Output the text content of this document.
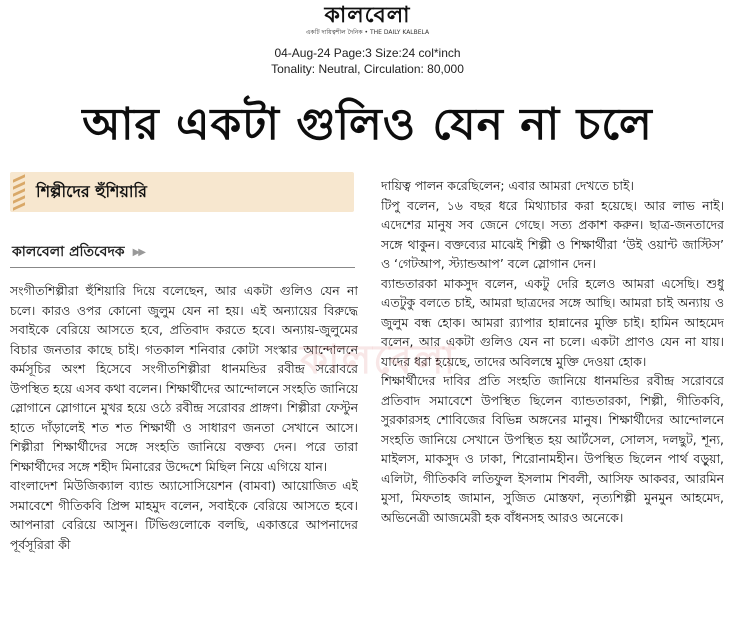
কালবেলা
একটি দায়িত্বশীল দৈনিক • THE DAILY KALBELA
04-Aug-24 Page:3 Size:24 col*inch
Tonality: Neutral, Circulation: 80,000
আর একটা গুলিও যেন না চলে
শিল্পীদের হুঁশিয়ারি
কালবেলা প্রতিবেদক ▶▶

সংগীতশিল্পীরা হুঁশিয়ারি দিয়ে বলেছেন, আর একটা গুলিও যেন না চলে। কারও ওপর কোনো জুলুম যেন না হয়। এই অন্যায়ের বিরুদ্ধে সবাইকে বেরিয়ে আসতে হবে, প্রতিবাদ করতে হবে। অন্যায়-জুলুমের বিচার জনতার কাছে চাই। গতকাল শনিবার কোটা সংস্কার আন্দোলনে কর্মসূচির অংশ হিসেবে সংগীতশিল্পীরা ধানমন্ডির রবীন্দ্র সরোবরে উপস্থিত হয়ে এসব কথা বলেন। শিক্ষার্থীদের আন্দোলনে সংহতি জানিয়ে স্লোগানে স্লোগানে মুখর হয়ে ওঠে রবীন্দ্র সরোবর প্রাঙ্গণ। শিল্পীরা ফেস্টুন হাতে দাঁড়ালেই শত শত শিক্ষার্থী ও সাধারণ জনতা সেখানে আসে। শিল্পীরা শিক্ষার্থীদের সঙ্গে সংহতি জানিয়ে বক্তব্য দেন। পরে তারা শিক্ষার্থীদের সঙ্গে শহীদ মিনারের উদ্দেশে মিছিল নিয়ে এগিয়ে যান।

বাংলাদেশ মিউজিক্যাল ব্যান্ড অ্যাসোসিয়েশন (বামবা) আয়োজিত এই সমাবেশে গীতিকবি প্রিন্স মাহমুদ বলেন, সবাইকে বেরিয়ে আসতে হবে। আপনারা বেরিয়ে আসুন। টিভিগুলোকে বলছি, একাত্তরে আপনাদের পূর্বসূরিরা কী

দায়িত্ব পালন করেছিলেন; এবার আমরা দেখতে চাই।

টিপু বলেন, ১৬ বছর ধরে মিথ্যাচার করা হয়েছে। আর লাভ নাই। এদেশের মানুষ সব জেনে গেছে। সত্য প্রকাশ করুন। ছাত্র-জনতাদের সঙ্গে থাকুন। বক্তব্যের মাঝেই শিল্পী ও শিক্ষার্থীরা ‘উই ওয়ান্ট জাস্টিস’ ও ‘গেটআপ, স্ট্যান্ডআপ’ বলে স্লোগান দেন।

ব্যান্ডতারকা মাকসুদ বলেন, একটু দেরি হলেও আমরা এসেছি। শুধু এতটুকু বলতে চাই, আমরা ছাত্রদের সঙ্গে আছি। আমরা চাই অন্যায় ও জুলুম বন্ধ হোক। আমরা র‍্যাপার হান্নানের মুক্তি চাই। হামিন আহমেদ বলেন, আর একটা গুলিও যেন না চলে। একটা প্রাণও যেন না যায়। যাদের ধরা হয়েছে, তাদের অবিলম্বে মুক্তি দেওয়া হোক।

শিক্ষার্থীদের দাবির প্রতি সংহতি জানিয়ে ধানমন্ডির রবীন্দ্র সরোবরে প্রতিবাদ সমাবেশে উপস্থিত ছিলেন ব্যান্ডতারকা, শিল্পী, গীতিকবি, সুরকারসহ শোবিজের বিভিন্ন অঙ্গনের মানুষ। শিক্ষার্থীদের আন্দোলনে সংহতি জানিয়ে সেখানে উপস্থিত হয় আর্টসেল, সোলস, দলছুট, শূন্য, মাইলস, মাকসুদ ও ঢাকা, শিরোনামহীন। উপস্থিত ছিলেন পার্থ বড়ুয়া, এলিটা, গীতিকবি লতিফুল ইসলাম শিবলী, আসিফ আকবর, আরমিন মুসা, মিফতাহ জামান, সুজিত মোস্তফা, নৃত্যশিল্পী মুনমুন আহমেদ, অভিনেত্রী আজমেরী হক বাঁধনসহ আরও অনেকে।

কালবেলা
